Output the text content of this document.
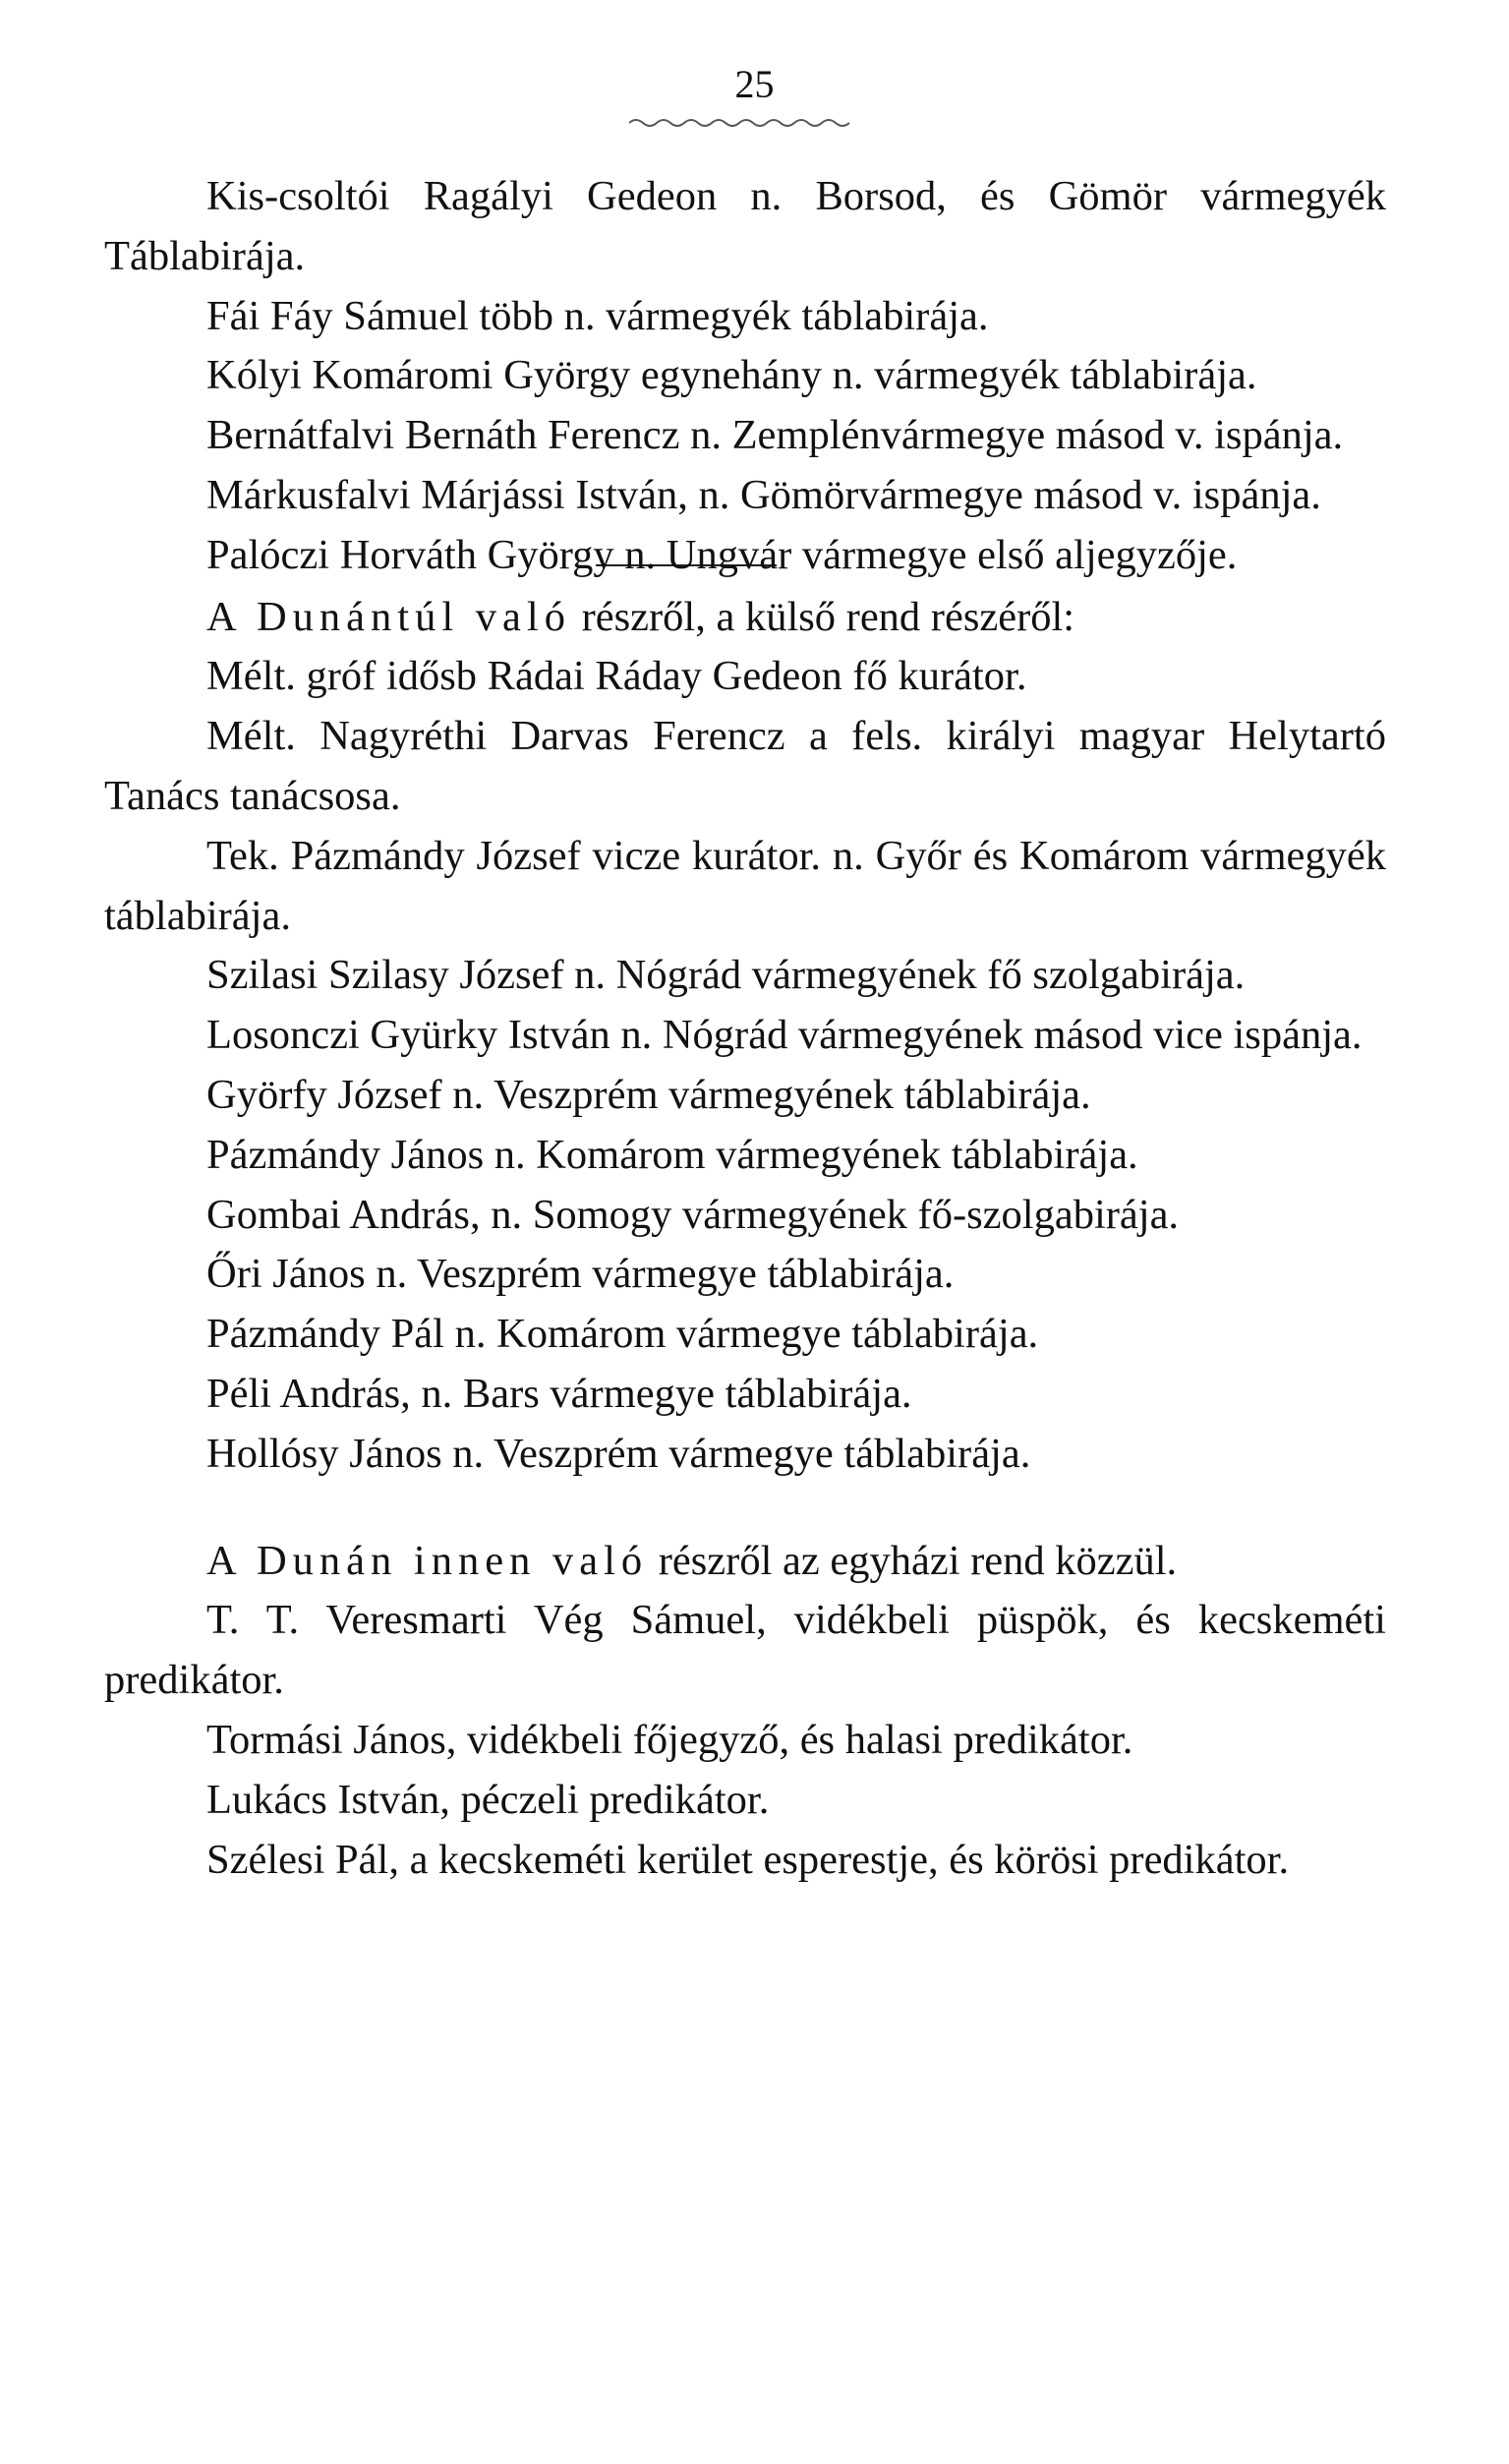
25

Kis-csoltói Ragályi Gedeon n. Borsod, és Gömör vármegyék Táblabirája.

Fái Fáy Sámuel több n. vármegyék táblabirája.

Kólyi Komáromi György egynehány n. vármegyék táblabirája.

Bernátfalvi Bernáth Ferencz n. Zemplénvármegye másod v. ispánja.

Márkusfalvi Márjássi István, n. Gömörvármegye másod v. ispánja.

Palóczi Horváth György n. Ungvár vármegye első aljegyzője.

A Dunántúl való részről, a külső rend részéről:

Mélt. gróf idősb Rádai Ráday Gedeon fő kurátor.

Mélt. Nagyréthi Darvas Ferencz a fels. királyi magyar Helytartó Tanács tanácsosa.

Tek. Pázmándy József vicze kurátor. n. Győr és Komárom vármegyék táblabirája.

Szilasi Szilasy József n. Nógrád vármegyének fő szolgabirája.

Losonczi Gyürky István n. Nógrád vármegyének másod vice ispánja.

Györfy József n. Veszprém vármegyének táblabirája.

Pázmándy János n. Komárom vármegyének táblabirája.

Gombai András, n. Somogy vármegyének fő-szolgabirája.

Őri János n. Veszprém vármegye táblabirája.

Pázmándy Pál n. Komárom vármegye táblabirája.

Péli András, n. Bars vármegye táblabirája.

Hollósy János n. Veszprém vármegye táblabirája.

A Dunán innen való részről az egyházi rend közzül.

T. T. Veresmarti Vég Sámuel, vidékbeli püspök, és kecskeméti predikátor.

Tormási János, vidékbeli főjegyző, és halasi predikátor.

Lukács István, péczeli predikátor.

Szélesi Pál, a kecskeméti kerület esperestje, és körösi predikátor.
